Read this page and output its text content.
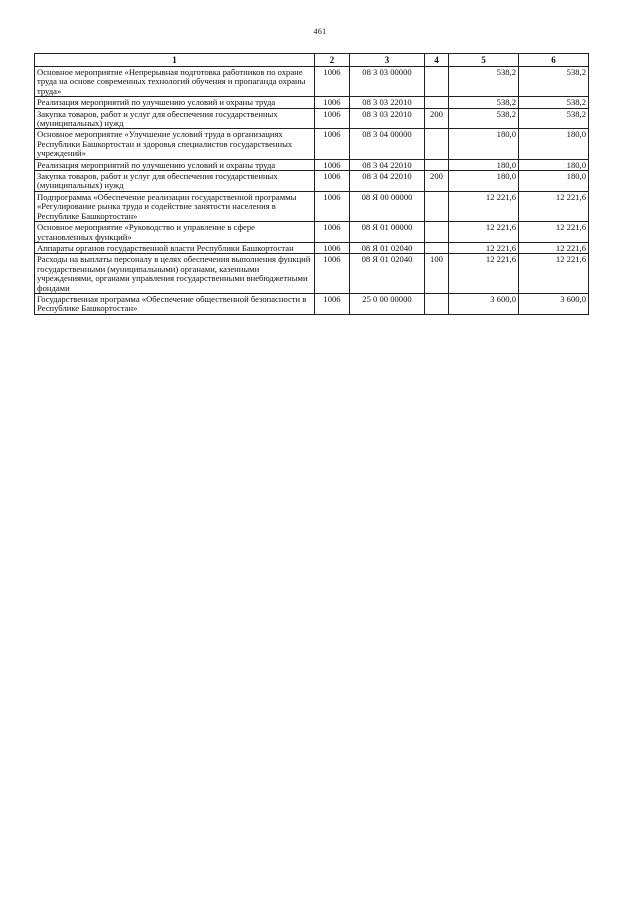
461
1	2	3	4	5	6
Основное мероприятие «Непрерывная подготовка работников по охране труда на основе современных технологий обучения и пропаганда охраны труда»	1006	08 3 03 00000		538,2	538,2
Реализация мероприятий по улучшению условий и охраны труда	1006	08 3 03 22010		538,2	538,2
Закупка товаров, работ и услуг для обеспечения государственных (муниципальных) нужд	1006	08 3 03 22010	200	538,2	538,2
Основное мероприятие «Улучшение условий труда в организациях Республики Башкортостан и здоровья специалистов государственных учреждений»	1006	08 3 04 00000		180,0	180,0
Реализация мероприятий по улучшению условий и охраны труда	1006	08 3 04 22010		180,0	180,0
Закупка товаров, работ и услуг для обеспечения государственных (муниципальных) нужд	1006	08 3 04 22010	200	180,0	180,0
Подпрограмма «Обеспечение реализации государственной программы «Регулирование рынка труда и содействие занятости населения в Республике Башкортостан»	1006	08 Я 00 00000		12 221,6	12 221,6
Основное мероприятие «Руководство и управление в сфере установленных функций»	1006	08 Я 01 00000		12 221,6	12 221,6
Аппараты органов государственной власти Республики Башкортостан	1006	08 Я 01 02040		12 221,6	12 221,6
Расходы на выплаты персоналу в целях обеспечения выполнения функций государственными (муниципальными) органами, казенными учреждениями, органами управления государственными внебюджетными фондами	1006	08 Я 01 02040	100	12 221,6	12 221,6
Государственная программа «Обеспечение общественной безопасности в Республике Башкортостан»	1006	25 0 00 00000		3 600,0	3 600,0
